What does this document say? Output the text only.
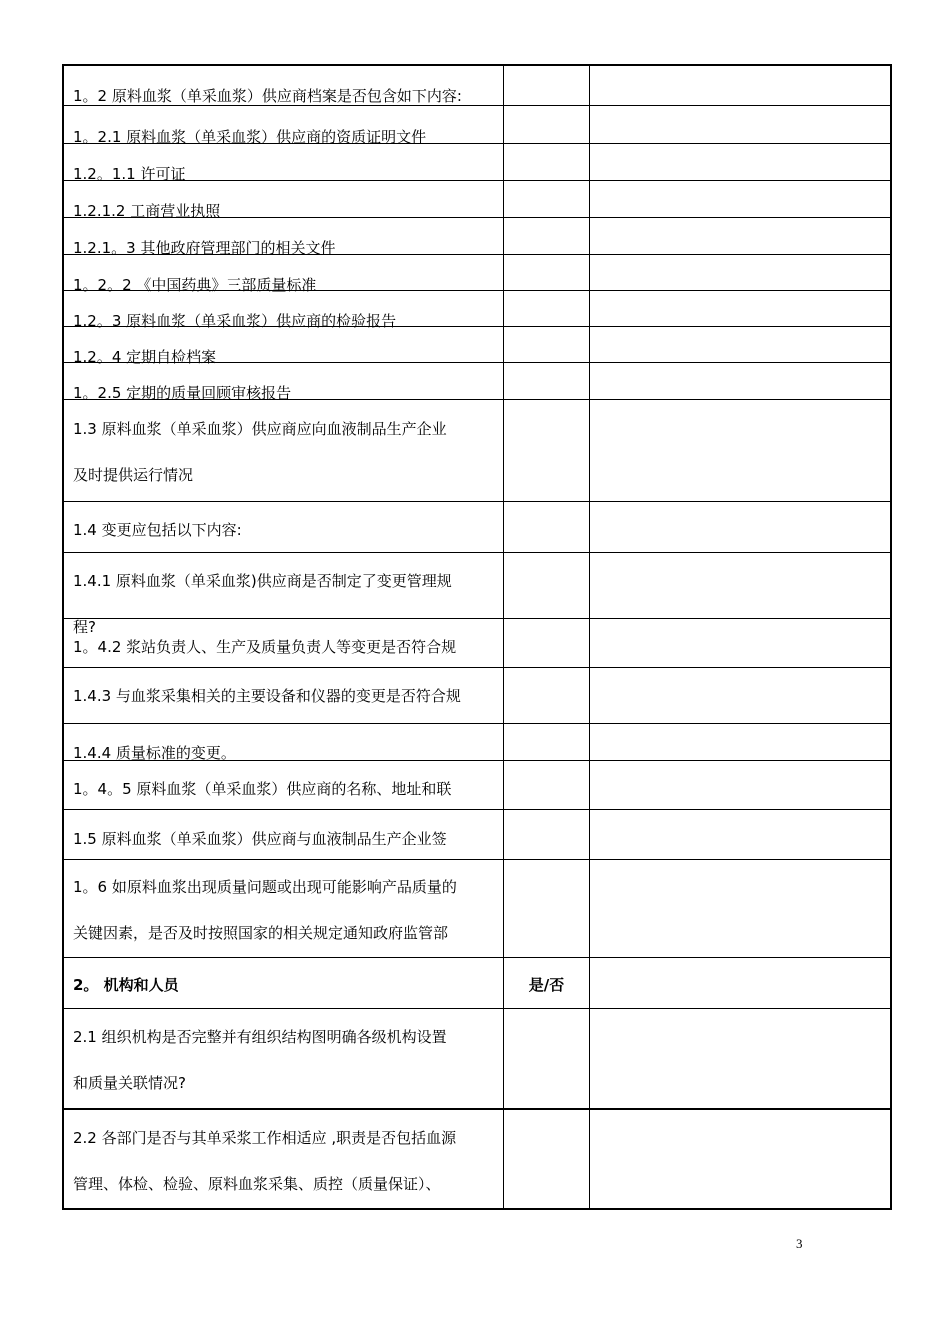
1。2 原料血浆（单采血浆）供应商档案是否包含如下内容:
1。2.1 原料血浆（单采血浆）供应商的资质证明文件
1.2。1.1 许可证
1.2.1.2 工商营业执照
1.2.1。3 其他政府管理部门的相关文件
1。2。2 《中国药典》三部质量标准
1.2。3 原料血浆（单采血浆）供应商的检验报告
1.2。4 定期自检档案
1。2.5 定期的质量回顾审核报告
1.3 原料血浆（单采血浆）供应商应向血液制品生产企业
及时提供运行情况
1.4 变更应包括以下内容:
1.4.1 原料血浆（单采血浆)供应商是否制定了变更管理规
程?
1。4.2 浆站负责人、生产及质量负责人等变更是否符合规
1.4.3 与血浆采集相关的主要设备和仪器的变更是否符合规
1.4.4 质量标准的变更。
1。4。5 原料血浆（单采血浆）供应商的名称、地址和联
1.5 原料血浆（单采血浆）供应商与血液制品生产企业签
1。6 如原料血浆出现质量问题或出现可能影响产品质量的
关键因素，是否及时按照国家的相关规定通知政府监管部
2。 机构和人员	是/否
2.1 组织机构是否完整并有组织结构图明确各级机构设置
和质量关联情况?
2.2 各部门是否与其单采浆工作相适应 ,职责是否包括血源
管理、体检、检验、原料血浆采集、质控（质量保证）、
3
